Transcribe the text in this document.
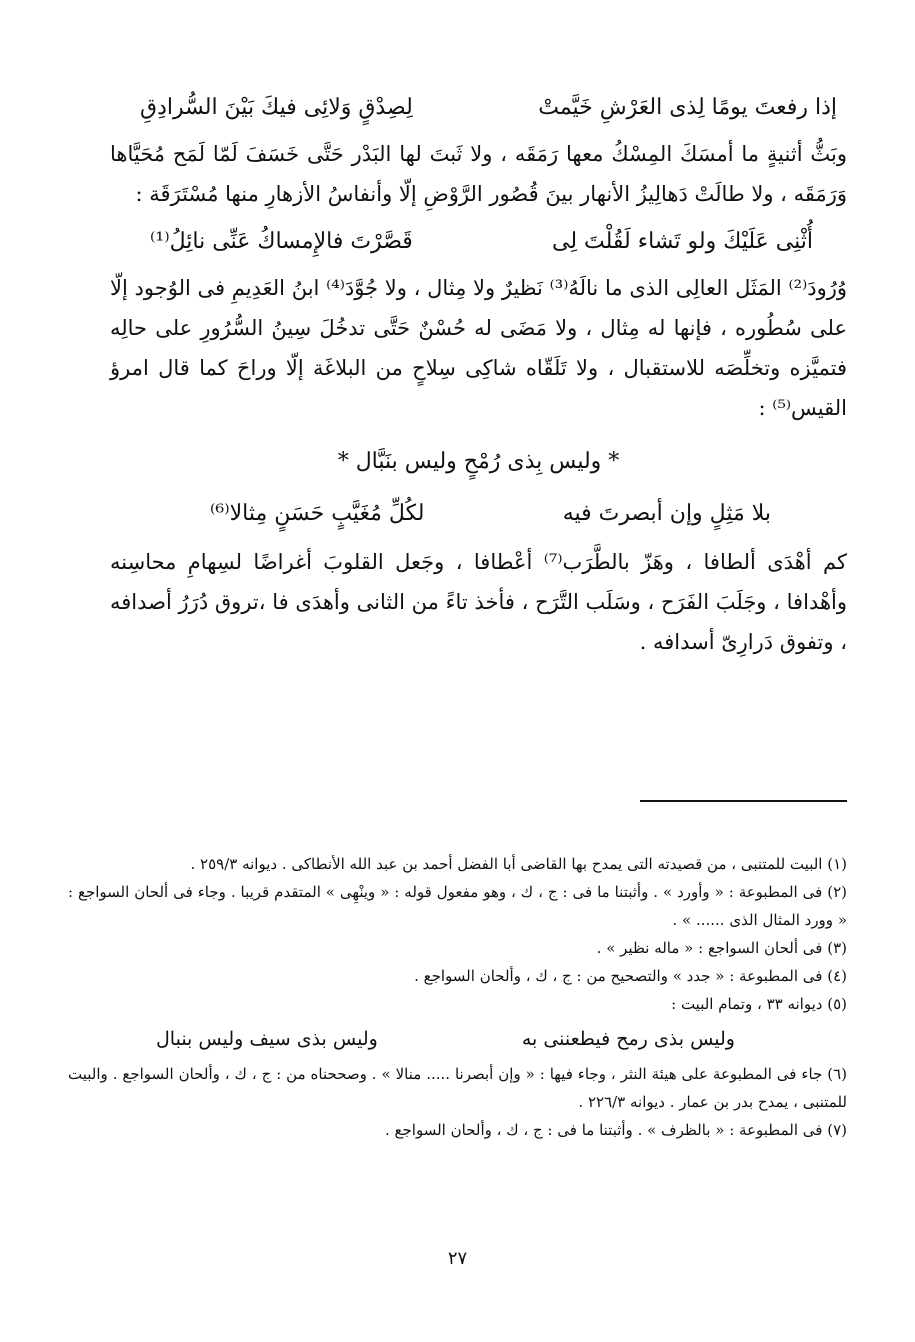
إذا رفعتَ يومًا لِذى العَرْشِ خَيَّمتْ
لِصِدْقٍ وَلائِى فيكَ بَيْنَ السُّرادِقِ

وبَثُّ أثنيةٍ ما أمسَكَ المِسْكُ معها رَمَقَه ، ولا ثَبتَ لها البَدْر حَتَّى خَسَفَ لَمّا لَمَح مُحَيَّاها وَرَمَقَه ، ولا طالَتْ دَهالِيزُ الأنهار بينَ قُصُور الرَّوْضِ إلّا وأنفاسُ الأزهارِ منها مُسْتَرَقَة :

أُثْنِى عَلَيْكَ ولو تَشاء لَقُلْتَ لِى
قَصَّرْتَ فالإِمساكُ عَنِّى نائِلُ⁽¹⁾

وُرُودَ⁽²⁾ المَثَل العالِى الذى ما نالَهُ⁽³⁾ نَظيرٌ ولا مِثال ، ولا جُوَّدَ⁽⁴⁾ ابنُ العَدِيمِ فى الوُجود إلّا على سُطُوره ، فإنها له مِثال ، ولا مَضَى له حُسْنٌ حَتَّى تدخُلَ سِينُ السُّرُورِ على حالِه فتميَّزه وتخلِّصَه للاستقبال ، ولا تَلَقّاه شاكِى سِلاحٍ من البلاغَة إلّا وراحَ كما قال امرؤ القيس⁽⁵⁾ :

* وليس بِذى رُمْحٍ وليس بنَبَّال *
بلا مَثِلٍ وإن أبصرتَ فيه
لكُلِّ مُغَيَّبٍ حَسَنٍ مِثالا⁽⁶⁾

كم أهْدَى ألطافا ، وهَزّ بالطَّرَب⁽⁷⁾ أعْطافا ، وجَعل القلوبَ أغراضًا لسِهامِ محاسِنه وأهْدافا ، وجَلَبَ الفَرَح ، وسَلَب التَّرَح ، فأخذ تاءً من الثانى وأهدَى فا ،تروق دُرَرُ أصدافه ، وتفوق دَرارِىّ أسدافه .

(١) البيت للمتنبى ، من قصيدته التى يمدح بها القاضى أبا الفضل أحمد بن عبد الله الأنطاكى . ديوانه ٢٥٩/٣ .

(٢) فى المطبوعة : « وأورد » . وأثبتنا ما فى : ج ، ك ، وهو مفعول قوله : « وينْهِى » المتقدم قريبا . وجاء فى ألحان السواجع : « وورد المثال الذى ...... » .

(٣) فى ألحان السواجع : « ماله نظير » .

(٤) فى المطبوعة : « جدد » والتصحيح من : ج ، ك ، وألحان السواجع .

(٥) ديوانه ٣٣ ، وتمام البيت :

وليس بذى رمح فيطعننى به
وليس بذى سيف وليس بنبال

(٦) جاء فى المطبوعة على هيئة النثر ، وجاء فيها : « وإن أبصرنا ..... منالا » . وصححناه من : ج ، ك ، وألحان السواجع . والبيت للمتنبى ، يمدح بدر بن عمار . ديوانه ٢٢٦/٣ .

(٧) فى المطبوعة : « بالظرف » . وأثبتنا ما فى : ج ، ك ، وألحان السواجع .

٢٧
